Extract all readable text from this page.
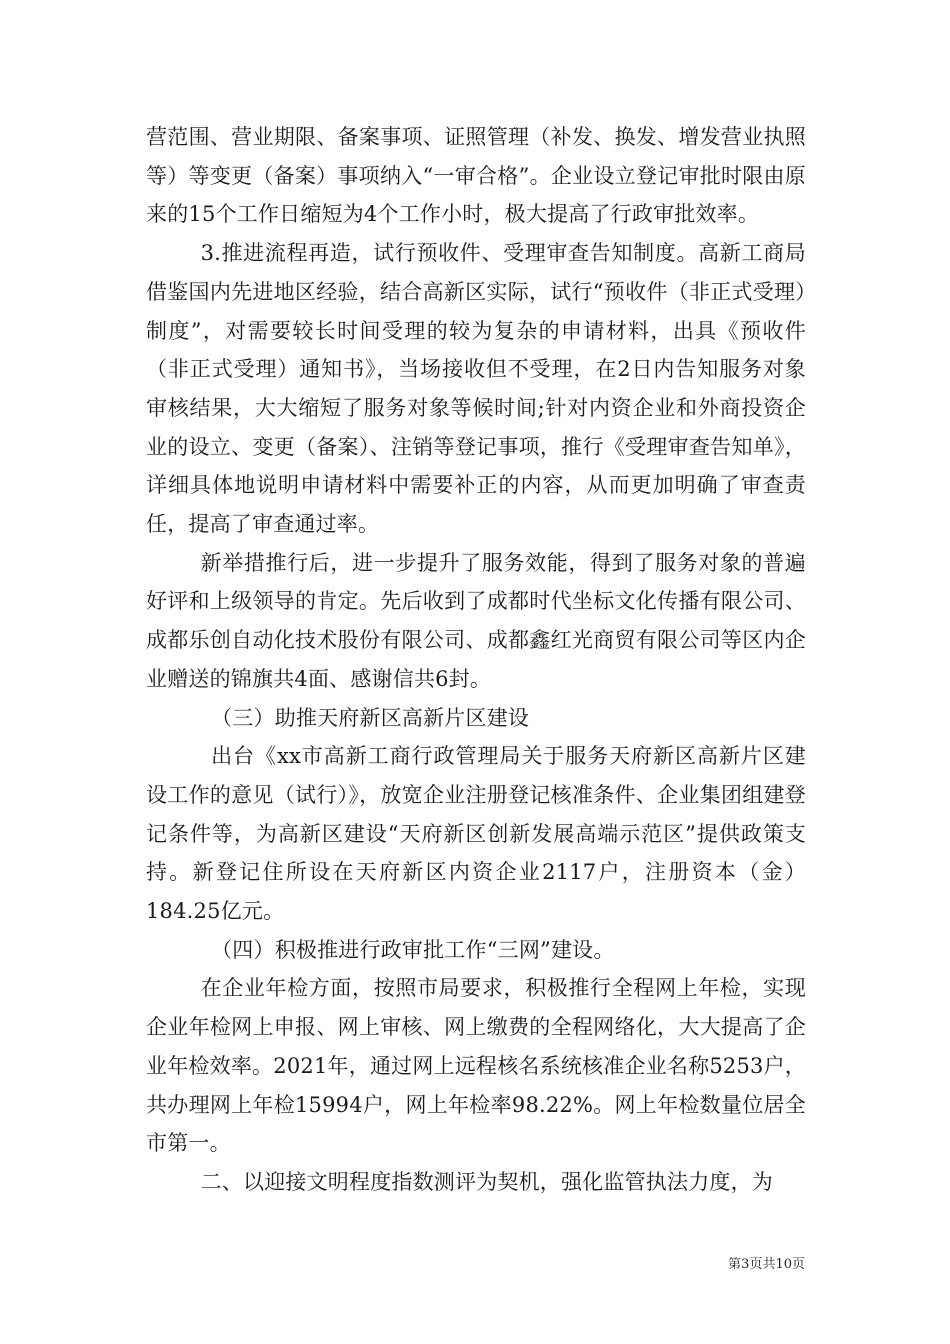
营范围、营业期限、备案事项、证照管理（补发、换发、增发营业执照等）等变更（备案）事项纳入“一审合格”。企业设立登记审批时限由原来的15个工作日缩短为4个工作小时，极大提高了行政审批效率。

3.推进流程再造，试行预收件、受理审查告知制度。高新工商局借鉴国内先进地区经验，结合高新区实际，试行“预收件（非正式受理）制度”，对需要较长时间受理的较为复杂的申请材料，出具《预收件（非正式受理）通知书》，当场接收但不受理，在2日内告知服务对象审核结果，大大缩短了服务对象等候时间;针对内资企业和外商投资企业的设立、变更（备案）、注销等登记事项，推行《受理审查告知单》，详细具体地说明申请材料中需要补正的内容，从而更加明确了审查责任，提高了审查通过率。

新举措推行后，进一步提升了服务效能，得到了服务对象的普遍好评和上级领导的肯定。先后收到了成都时代坐标文化传播有限公司、成都乐创自动化技术股份有限公司、成都鑫红光商贸有限公司等区内企业赠送的锦旗共4面、感谢信共6封。

（三）助推天府新区高新片区建设

出台《xx市高新工商行政管理局关于服务天府新区高新片区建设工作的意见（试行）》，放宽企业注册登记核准条件、企业集团组建登记条件等，为高新区建设“天府新区创新发展高端示范区”提供政策支持。新登记住所设在天府新区内资企业2117户，注册资本（金）184.25亿元。

（四）积极推进行政审批工作“三网”建设。

在企业年检方面，按照市局要求，积极推行全程网上年检，实现企业年检网上申报、网上审核、网上缴费的全程网络化，大大提高了企业年检效率。2021年，通过网上远程核名系统核准企业名称5253户，共办理网上年检15994户，网上年检率98.22%。网上年检数量位居全市第一。

二、以迎接文明程度指数测评为契机，强化监管执法力度，为

第3页共10页
